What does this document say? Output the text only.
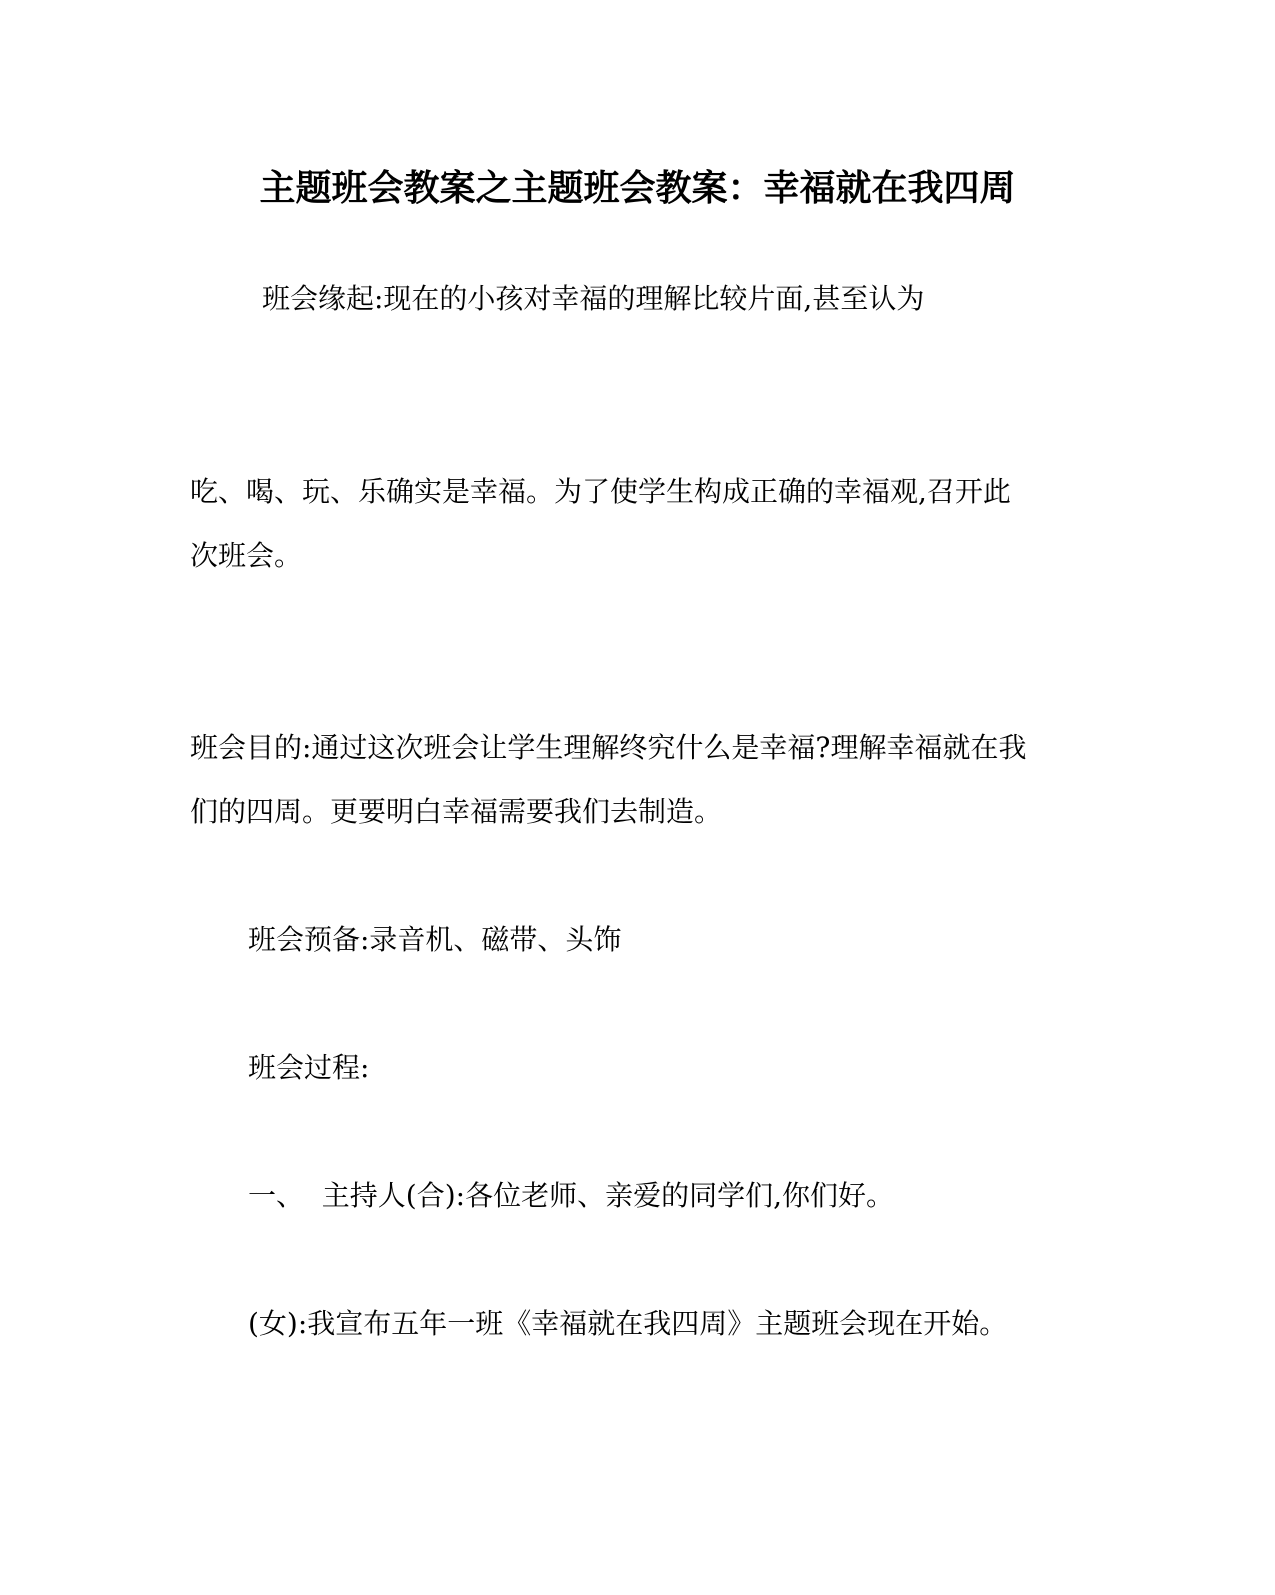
主题班会教案之主题班会教案：幸福就在我四周
班会缘起:现在的小孩对幸福的理解比较片面,甚至认为
吃、喝、玩、乐确实是幸福。为了使学生构成正确的幸福观,召开此
次班会。
班会目的:通过这次班会让学生理解终究什么是幸福?理解幸福就在我
们的四周。更要明白幸福需要我们去制造。
班会预备:录音机、磁带、头饰
班会过程:
一、  主持人(合):各位老师、亲爱的同学们,你们好。
(女):我宣布五年一班《幸福就在我四周》主题班会现在开始。
